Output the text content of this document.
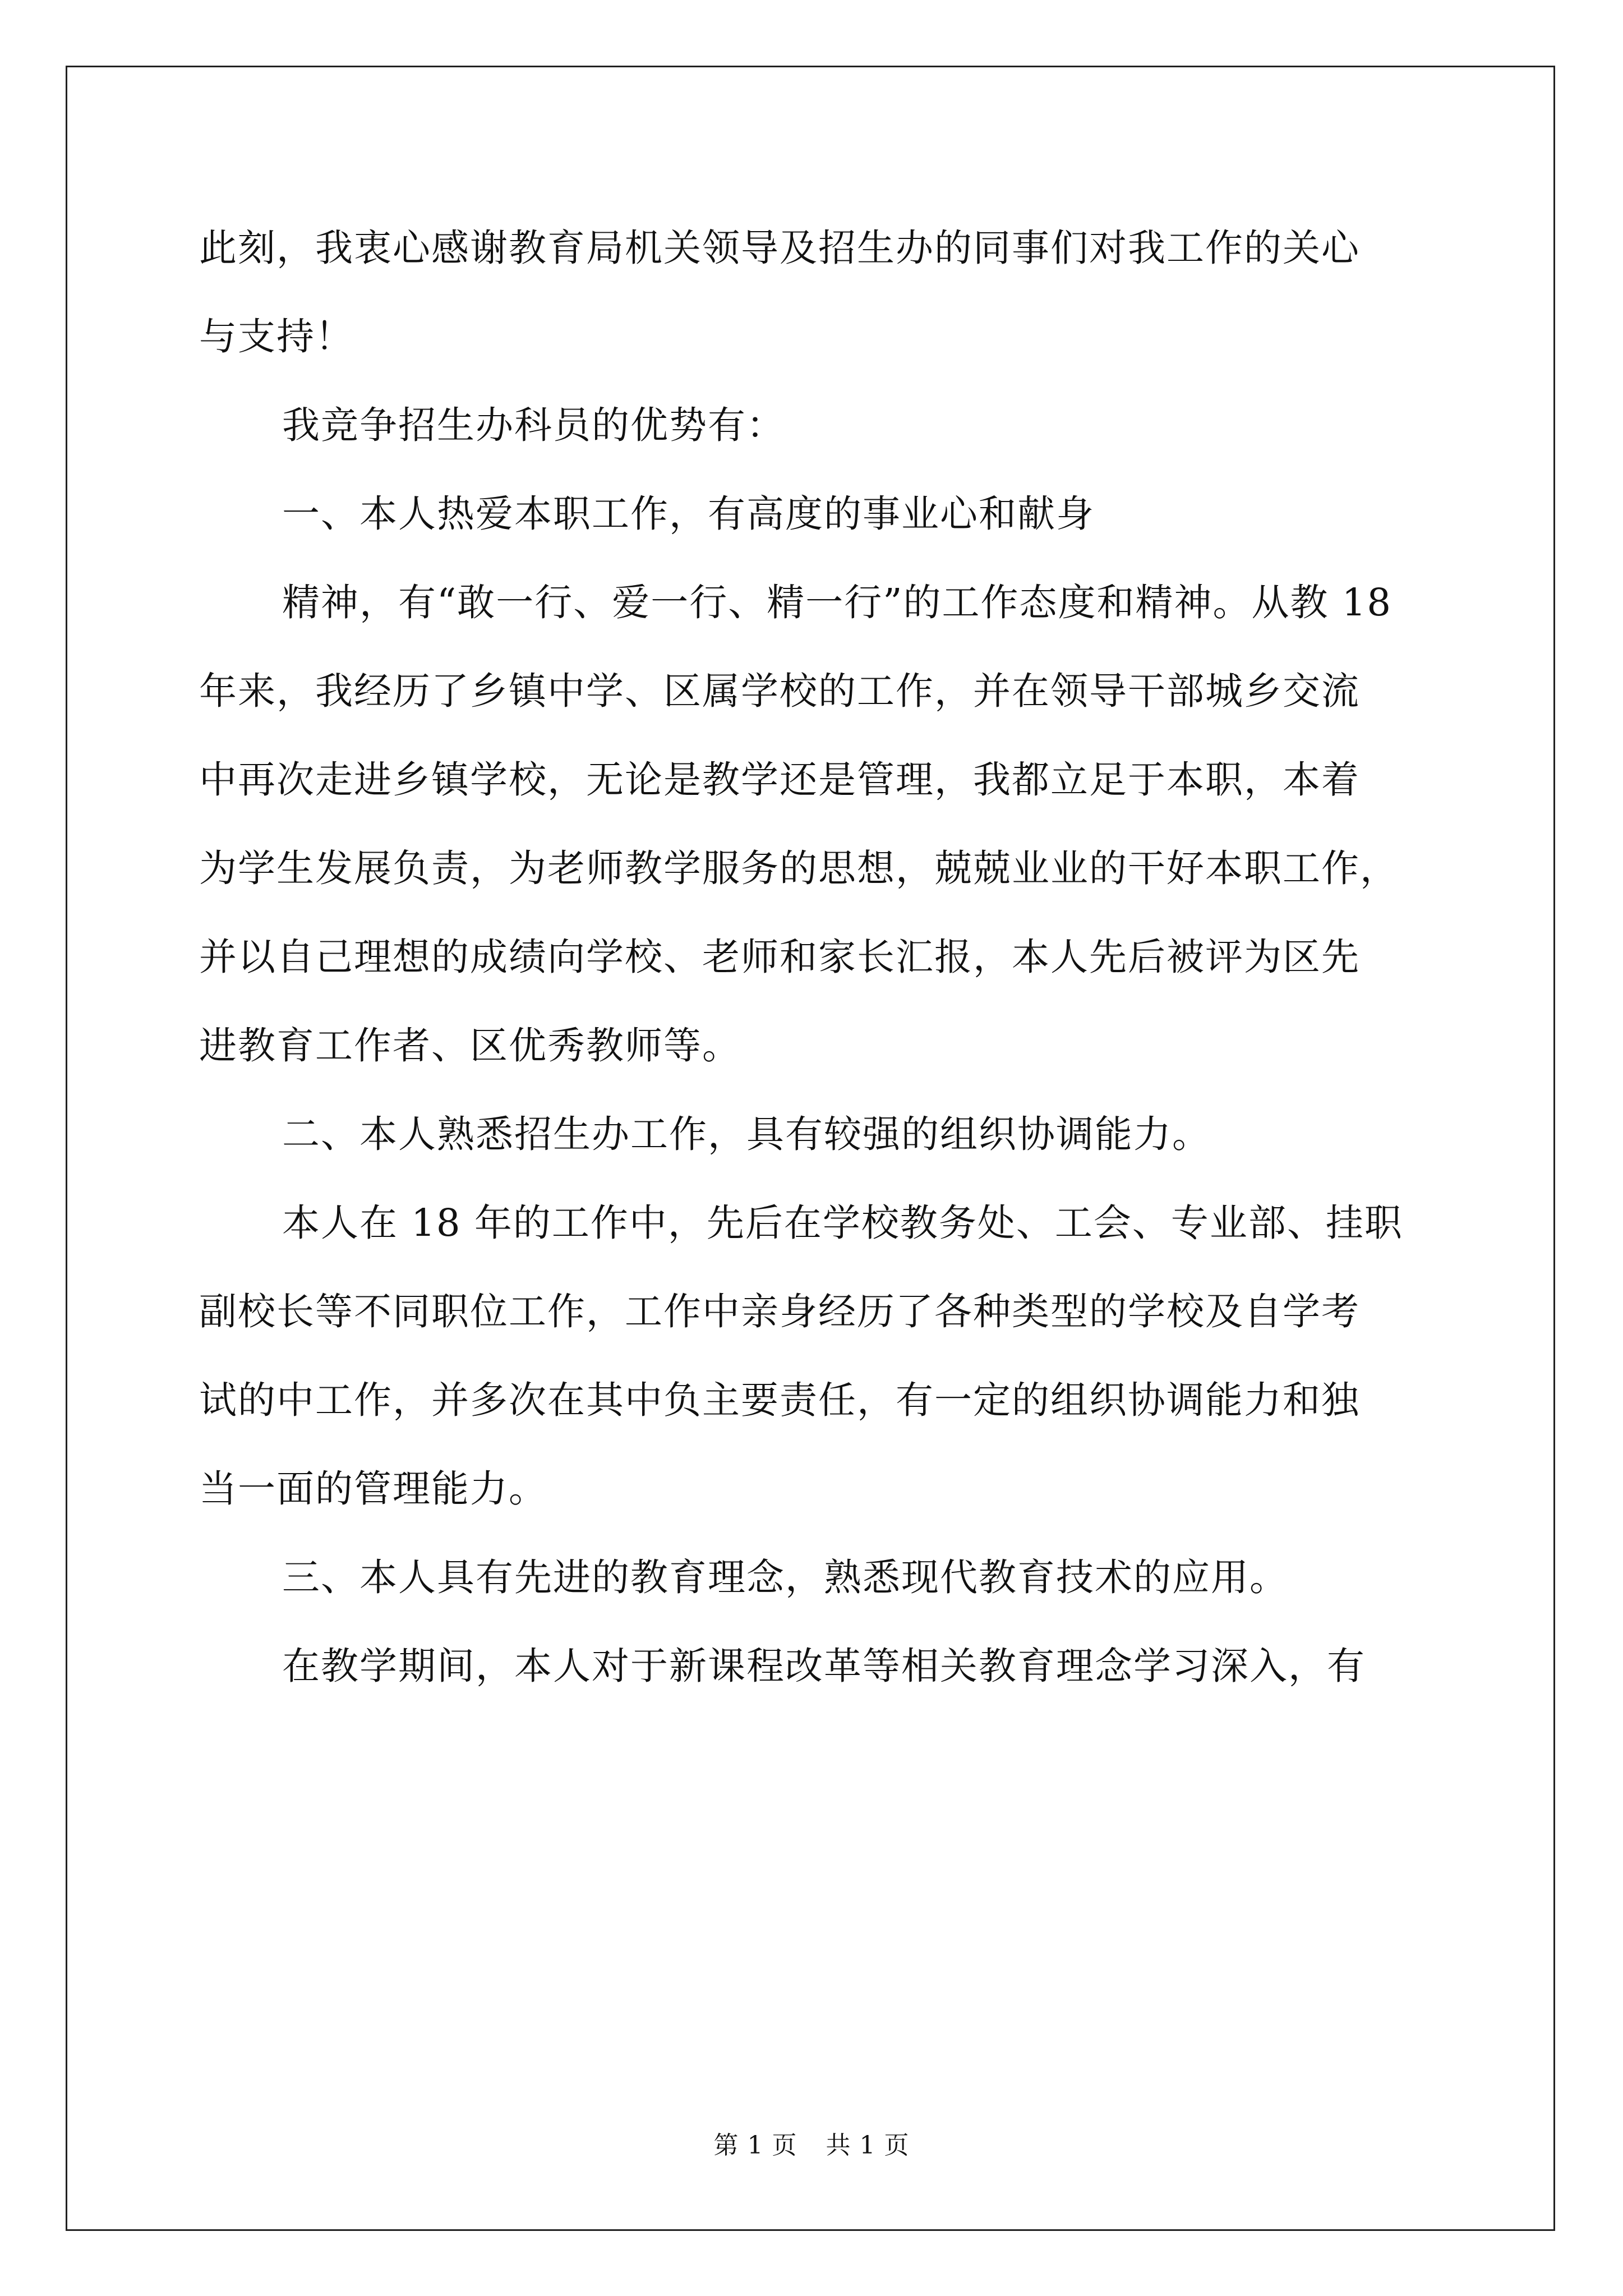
此刻，我衷心感谢教育局机关领导及招生办的同事们对我工作的关心
与支持！
我竞争招生办科员的优势有：
一、本人热爱本职工作，有高度的事业心和献身
精神，有“敢一行、爱一行、精一行”的工作态度和精神。从教 18
年来，我经历了乡镇中学、区属学校的工作，并在领导干部城乡交流
中再次走进乡镇学校，无论是教学还是管理，我都立足于本职，本着
为学生发展负责，为老师教学服务的思想，兢兢业业的干好本职工作，
并以自己理想的成绩向学校、老师和家长汇报，本人先后被评为区先
进教育工作者、区优秀教师等。
二、本人熟悉招生办工作，具有较强的组织协调能力。
本人在 18 年的工作中，先后在学校教务处、工会、专业部、挂职
副校长等不同职位工作，工作中亲身经历了各种类型的学校及自学考
试的中工作，并多次在其中负主要责任，有一定的组织协调能力和独
当一面的管理能力。
三、本人具有先进的教育理念，熟悉现代教育技术的应用。
在教学期间，本人对于新课程改革等相关教育理念学习深入，有
第 1 页 共 1 页
